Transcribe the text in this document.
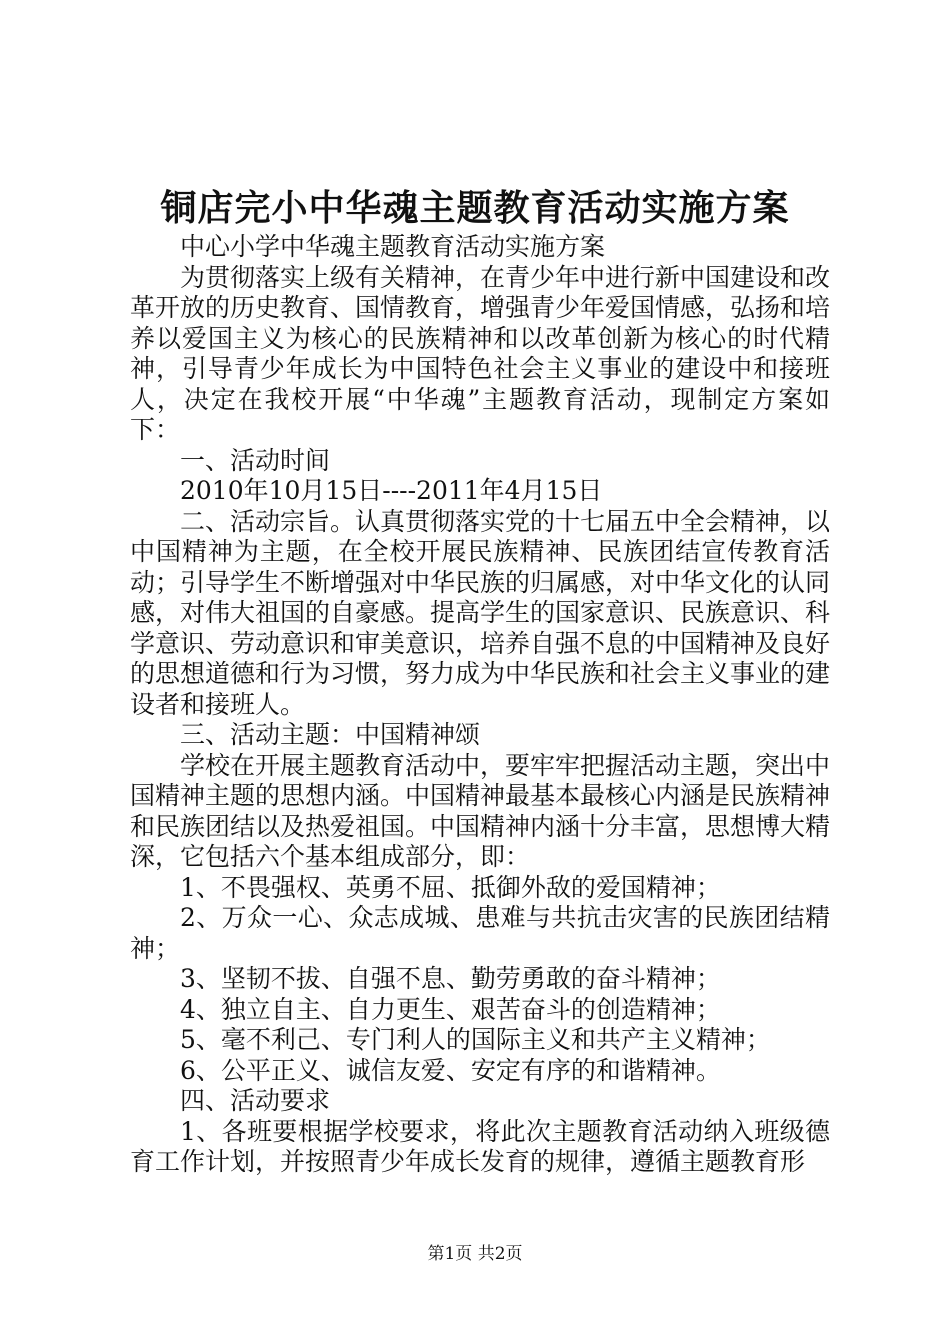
铜店完小中华魂主题教育活动实施方案

中心小学中华魂主题教育活动实施方案

为贯彻落实上级有关精神，在青少年中进行新中国建设和改革开放的历史教育、国情教育，增强青少年爱国情感，弘扬和培养以爱国主义为核心的民族精神和以改革创新为核心的时代精神，引导青少年成长为中国特色社会主义事业的建设中和接班人，决定在我校开展“中华魂”主题教育活动，现制定方案如下：

一、活动时间

2010年10月15日----2011年4月15日

二、活动宗旨。认真贯彻落实党的十七届五中全会精神，以中国精神为主题，在全校开展民族精神、民族团结宣传教育活动；引导学生不断增强对中华民族的归属感，对中华文化的认同感，对伟大祖国的自豪感。提高学生的国家意识、民族意识、科学意识、劳动意识和审美意识，培养自强不息的中国精神及良好的思想道德和行为习惯，努力成为中华民族和社会主义事业的建设者和接班人。

三、活动主题：中国精神颂

学校在开展主题教育活动中，要牢牢把握活动主题，突出中国精神主题的思想内涵。中国精神最基本最核心内涵是民族精神和民族团结以及热爱祖国。中国精神内涵十分丰富，思想博大精深，它包括六个基本组成部分，即：

1、不畏强权、英勇不屈、抵御外敌的爱国精神；

2、万众一心、众志成城、患难与共抗击灾害的民族团结精神；

3、坚韧不拔、自强不息、勤劳勇敢的奋斗精神；

4、独立自主、自力更生、艰苦奋斗的创造精神；

5、毫不利己、专门利人的国际主义和共产主义精神；

6、公平正义、诚信友爱、安定有序的和谐精神。

四、活动要求

1、各班要根据学校要求，将此次主题教育活动纳入班级德育工作计划，并按照青少年成长发育的规律，遵循主题教育形

第1页 共2页
